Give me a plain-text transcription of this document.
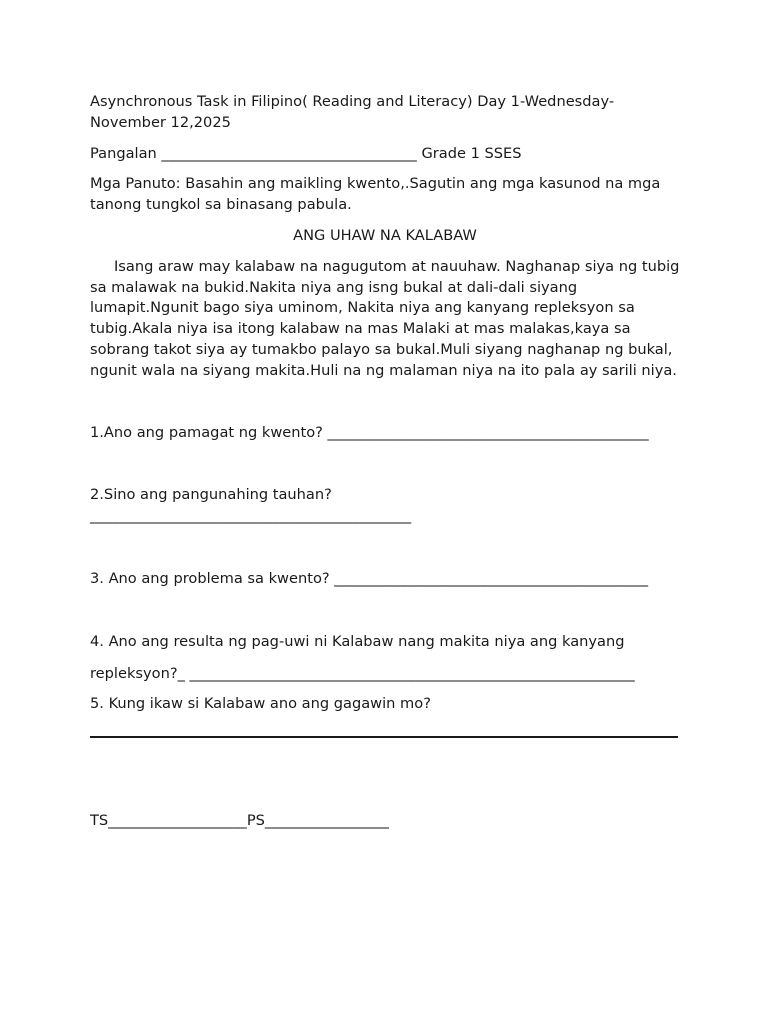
Asynchronous Task in Filipino( Reading and Literacy) Day 1-Wednesday-
November 12,2025

Pangalan ___________________________________ Grade 1 SSES

Mga Panuto: Basahin ang maikling kwento,.Sagutin ang mga kasunod na mga tanong tungkol sa binasang pabula.

ANG UHAW NA KALABAW

Isang araw may kalabaw na nagugutom at nauuhaw. Naghanap siya ng tubig sa malawak na bukid.Nakita niya ang isng bukal at dali-dali siyang lumapit.Ngunit bago siya uminom, Nakita niya ang kanyang repleksyon sa tubig.Akala niya isa itong kalabaw na mas Malaki at mas malakas,kaya sa sobrang takot siya ay tumakbo palayo sa bukal.Muli siyang naghanap ng bukal, ngunit wala na siyang makita.Huli na ng malaman niya na ito pala ay sarili niya.

1.Ano ang pamagat ng kwento? ____________________________________________

2.Sino ang pangunahing tauhan?

____________________________________________

3. Ano ang problema sa kwento? ___________________________________________

4. Ano ang resulta ng pag-uwi ni Kalabaw nang makita niya ang kanyang

repleksyon?_ _____________________________________________________________

5. Kung ikaw si Kalabaw ano ang gagawin mo?

TS___________________PS_________________
